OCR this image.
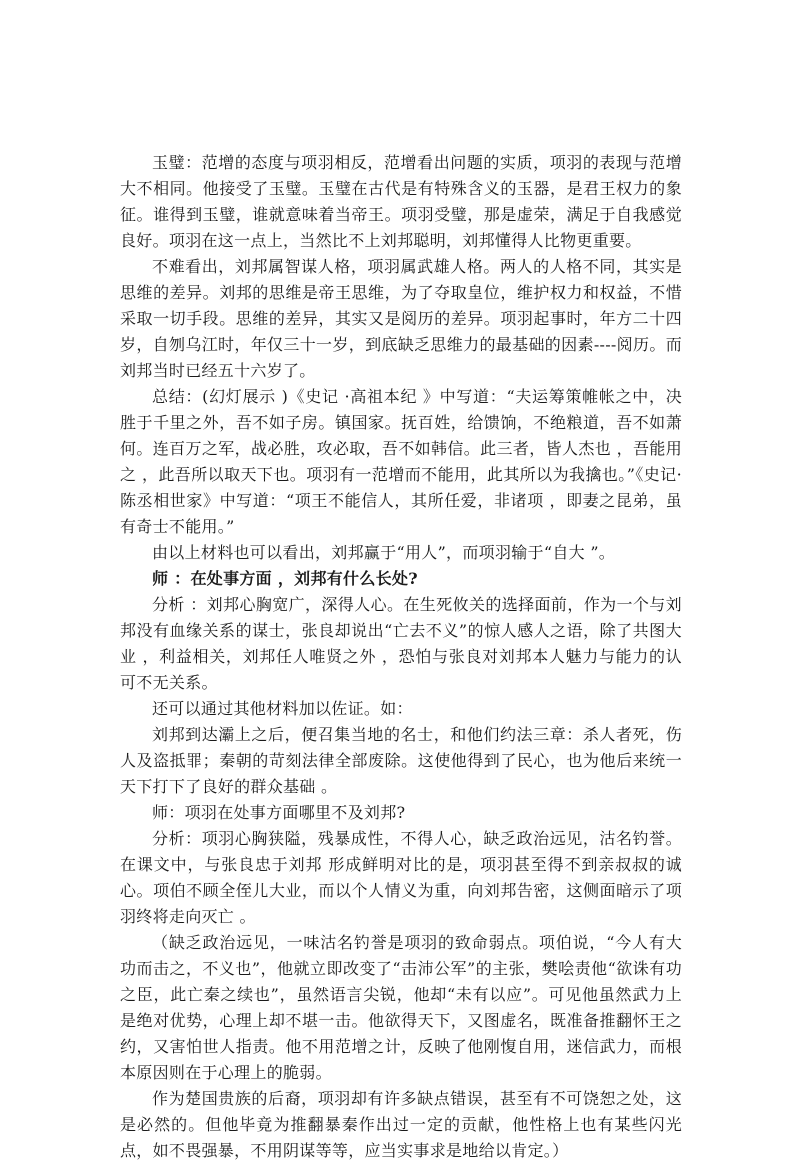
玉璧：范增的态度与项羽相反，范增看出问题的实质，项羽的表现与范增大不相同。他接受了玉璧。玉璧在古代是有特殊含义的玉器，是君王权力的象征。谁得到玉璧，谁就意味着当帝王。项羽受璧，那是虚荣，满足于自我感觉良好。项羽在这一点上，当然比不上刘邦聪明，刘邦懂得人比物更重要。

不难看出，刘邦属智谋人格，项羽属武雄人格。两人的人格不同，其实是思维的差异。刘邦的思维是帝王思维，为了夺取皇位，维护权力和权益，不惜采取一切手段。思维的差异，其实又是阅历的差异。项羽起事时，年方二十四岁，自刎乌江时，年仅三十一岁，到底缺乏思维力的最基础的因素----阅历。而刘邦当时已经五十六岁了。

总结：(幻灯展示 )《史记 ·高祖本纪 》中写道：“夫运筹策帷帐之中，决胜于千里之外，吾不如子房。镇国家。抚百姓，给馈饷，不绝粮道，吾不如萧何。连百万之军，战必胜，攻必取，吾不如韩信。此三者，皆人杰也 ，吾能用之 ，此吾所以取天下也。项羽有一范增而不能用，此其所以为我擒也。”《史记·陈丞相世家》中写道：“项王不能信人，其所任爱，非诸项 ，即妻之昆弟，虽有奇士不能用。”

由以上材料也可以看出，刘邦赢于“用人”，而项羽输于“自大 ”。

师 ：在处事方面 ，刘邦有什么长处?

分析 ：刘邦心胸宽广，深得人心。在生死攸关的选择面前，作为一个与刘邦没有血缘关系的谋士，张良却说出“亡去不义”的惊人感人之语，除了共图大业 ，利益相关，刘邦任人唯贤之外 ，恐怕与张良对刘邦本人魅力与能力的认可不无关系。

还可以通过其他材料加以佐证。如：

刘邦到达灞上之后，便召集当地的名士，和他们约法三章：杀人者死，伤人及盗抵罪；秦朝的苛刻法律全部废除。这使他得到了民心，也为他后来统一天下打下了良好的群众基础 。

师：项羽在处事方面哪里不及刘邦?

分析：项羽心胸狭隘，残暴成性，不得人心，缺乏政治远见，沽名钓誉。在课文中，与张良忠于刘邦 形成鲜明对比的是，项羽甚至得不到亲叔叔的诚心。项伯不顾全侄儿大业，而以个人情义为重，向刘邦告密，这侧面暗示了项羽终将走向灭亡 。

（缺乏政治远见，一味沽名钓誉是项羽的致命弱点。项伯说，“今人有大功而击之，不义也”，他就立即改变了“击沛公军”的主张，樊哙责他“欲诛有功之臣，此亡秦之续也”，虽然语言尖锐，他却“未有以应”。可见他虽然武力上是绝对优势，心理上却不堪一击。他欲得天下，又图虚名，既准备推翻怀王之约，又害怕世人指责。他不用范增之计，反映了他刚愎自用，迷信武力，而根本原因则在于心理上的脆弱。

作为楚国贵族的后裔，项羽却有许多缺点错误，甚至有不可饶恕之处，这是必然的。但他毕竟为推翻暴秦作出过一定的贡献，他性格上也有某些闪光点，如不畏强暴，不用阴谋等等，应当实事求是地给以肯定。）
